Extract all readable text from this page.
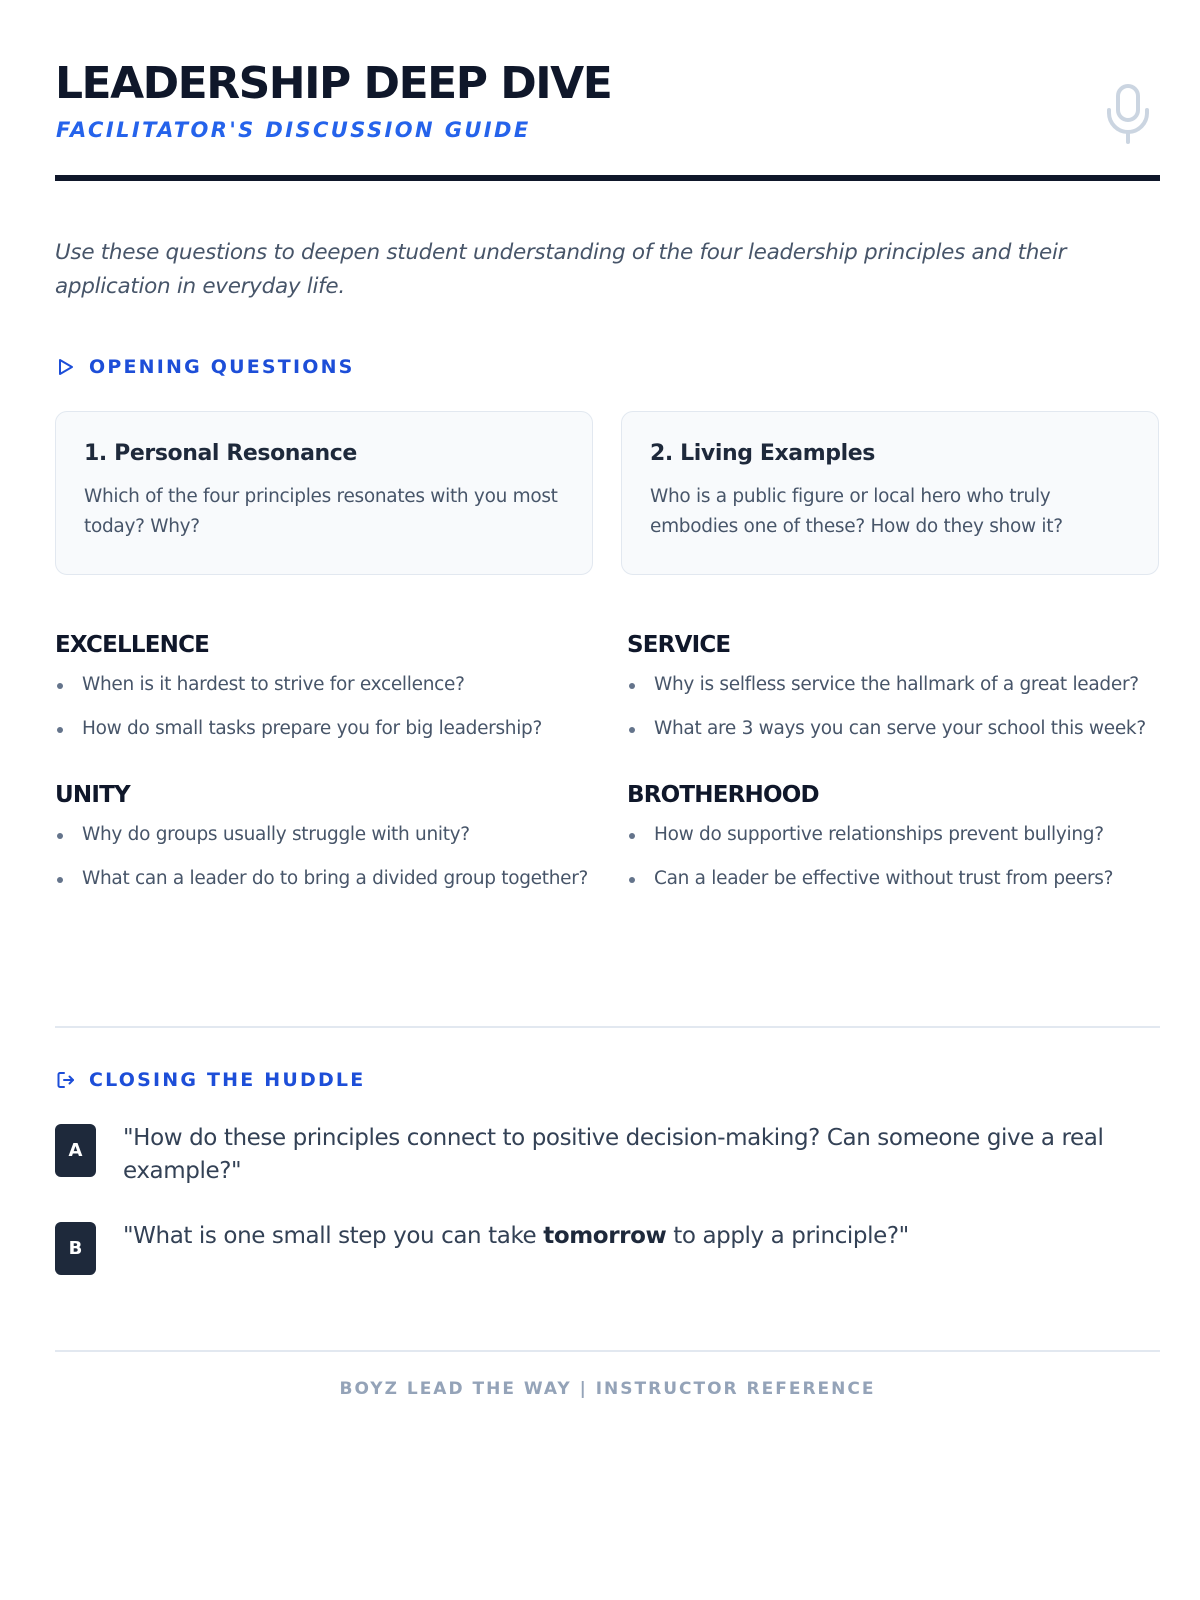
LEADERSHIP DEEP DIVE
FACILITATOR'S DISCUSSION GUIDE

Use these questions to deepen student understanding of the four leadership principles and their application in everyday life.

OPENING QUESTIONS
1. Personal Resonance

Which of the four principles resonates with you most today? Why?

2. Living Examples

Who is a public figure or local hero who truly embodies one of these? How do they show it?

EXCELLENCE
When is it hardest to strive for excellence?
How do small tasks prepare you for big leadership?
UNITY
Why do groups usually struggle with unity?
What can a leader do to bring a divided group together?
SERVICE
Why is selfless service the hallmark of a great leader?
What are 3 ways you can serve your school this week?
BROTHERHOOD
How do supportive relationships prevent bullying?
Can a leader be effective without trust from peers?
CLOSING THE HUDDLE
A	"How do these principles connect to positive decision-making? Can someone give a real example?"

B	"What is one small step you can take tomorrow to apply a principle?"

BOYZ LEAD THE WAY | INSTRUCTOR REFERENCE
